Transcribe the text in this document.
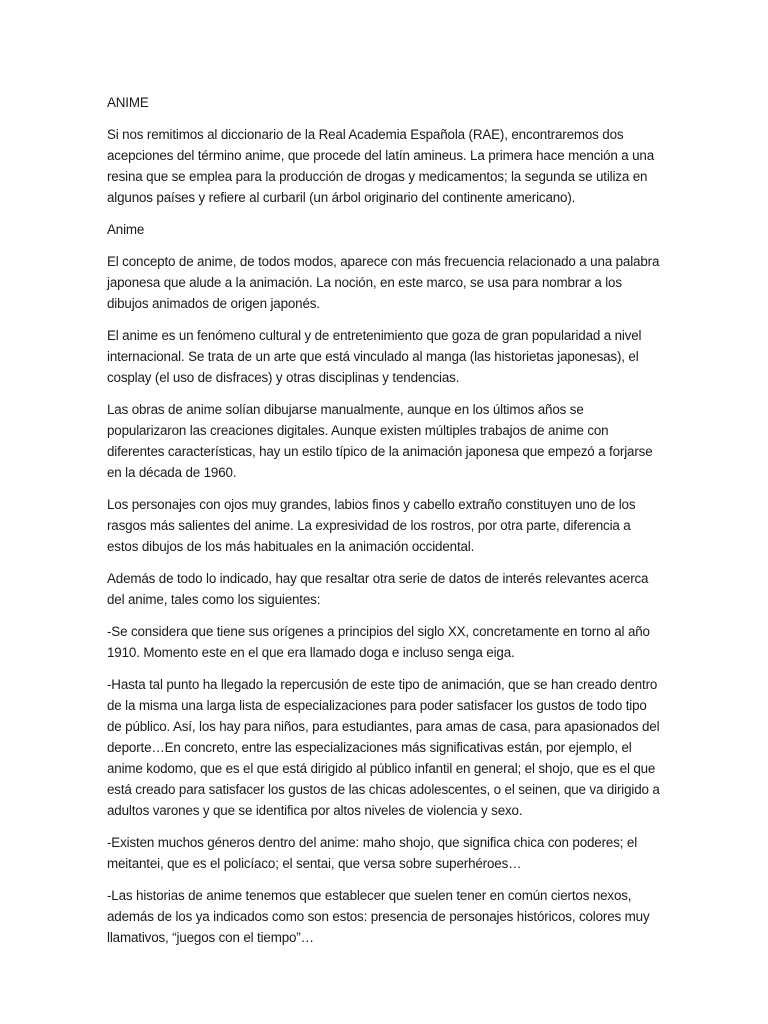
ANIME

Si nos remitimos al diccionario de la Real Academia Española (RAE), encontraremos dos acepciones del término anime, que procede del latín amineus. La primera hace mención a una resina que se emplea para la producción de drogas y medicamentos; la segunda se utiliza en algunos países y refiere al curbaril (un árbol originario del continente americano).

Anime

El concepto de anime, de todos modos, aparece con más frecuencia relacionado a una palabra japonesa que alude a la animación. La noción, en este marco, se usa para nombrar a los dibujos animados de origen japonés.

El anime es un fenómeno cultural y de entretenimiento que goza de gran popularidad a nivel internacional. Se trata de un arte que está vinculado al manga (las historietas japonesas), el cosplay (el uso de disfraces) y otras disciplinas y tendencias.

Las obras de anime solían dibujarse manualmente, aunque en los últimos años se popularizaron las creaciones digitales. Aunque existen múltiples trabajos de anime con diferentes características, hay un estilo típico de la animación japonesa que empezó a forjarse en la década de 1960.

Los personajes con ojos muy grandes, labios finos y cabello extraño constituyen uno de los rasgos más salientes del anime. La expresividad de los rostros, por otra parte, diferencia a estos dibujos de los más habituales en la animación occidental.

Además de todo lo indicado, hay que resaltar otra serie de datos de interés relevantes acerca del anime, tales como los siguientes:

-Se considera que tiene sus orígenes a principios del siglo XX, concretamente en torno al año 1910. Momento este en el que era llamado doga e incluso senga eiga.

-Hasta tal punto ha llegado la repercusión de este tipo de animación, que se han creado dentro de la misma una larga lista de especializaciones para poder satisfacer los gustos de todo tipo de público. Así, los hay para niños, para estudiantes, para amas de casa, para apasionados del deporte…En concreto, entre las especializaciones más significativas están, por ejemplo, el anime kodomo, que es el que está dirigido al público infantil en general; el shojo, que es el que está creado para satisfacer los gustos de las chicas adolescentes, o el seinen, que va dirigido a adultos varones y que se identifica por altos niveles de violencia y sexo.

-Existen muchos géneros dentro del anime: maho shojo, que significa chica con poderes; el meitantei, que es el policíaco; el sentai, que versa sobre superhéroes…

-Las historias de anime tenemos que establecer que suelen tener en común ciertos nexos, además de los ya indicados como son estos: presencia de personajes históricos, colores muy llamativos, “juegos con el tiempo”…
